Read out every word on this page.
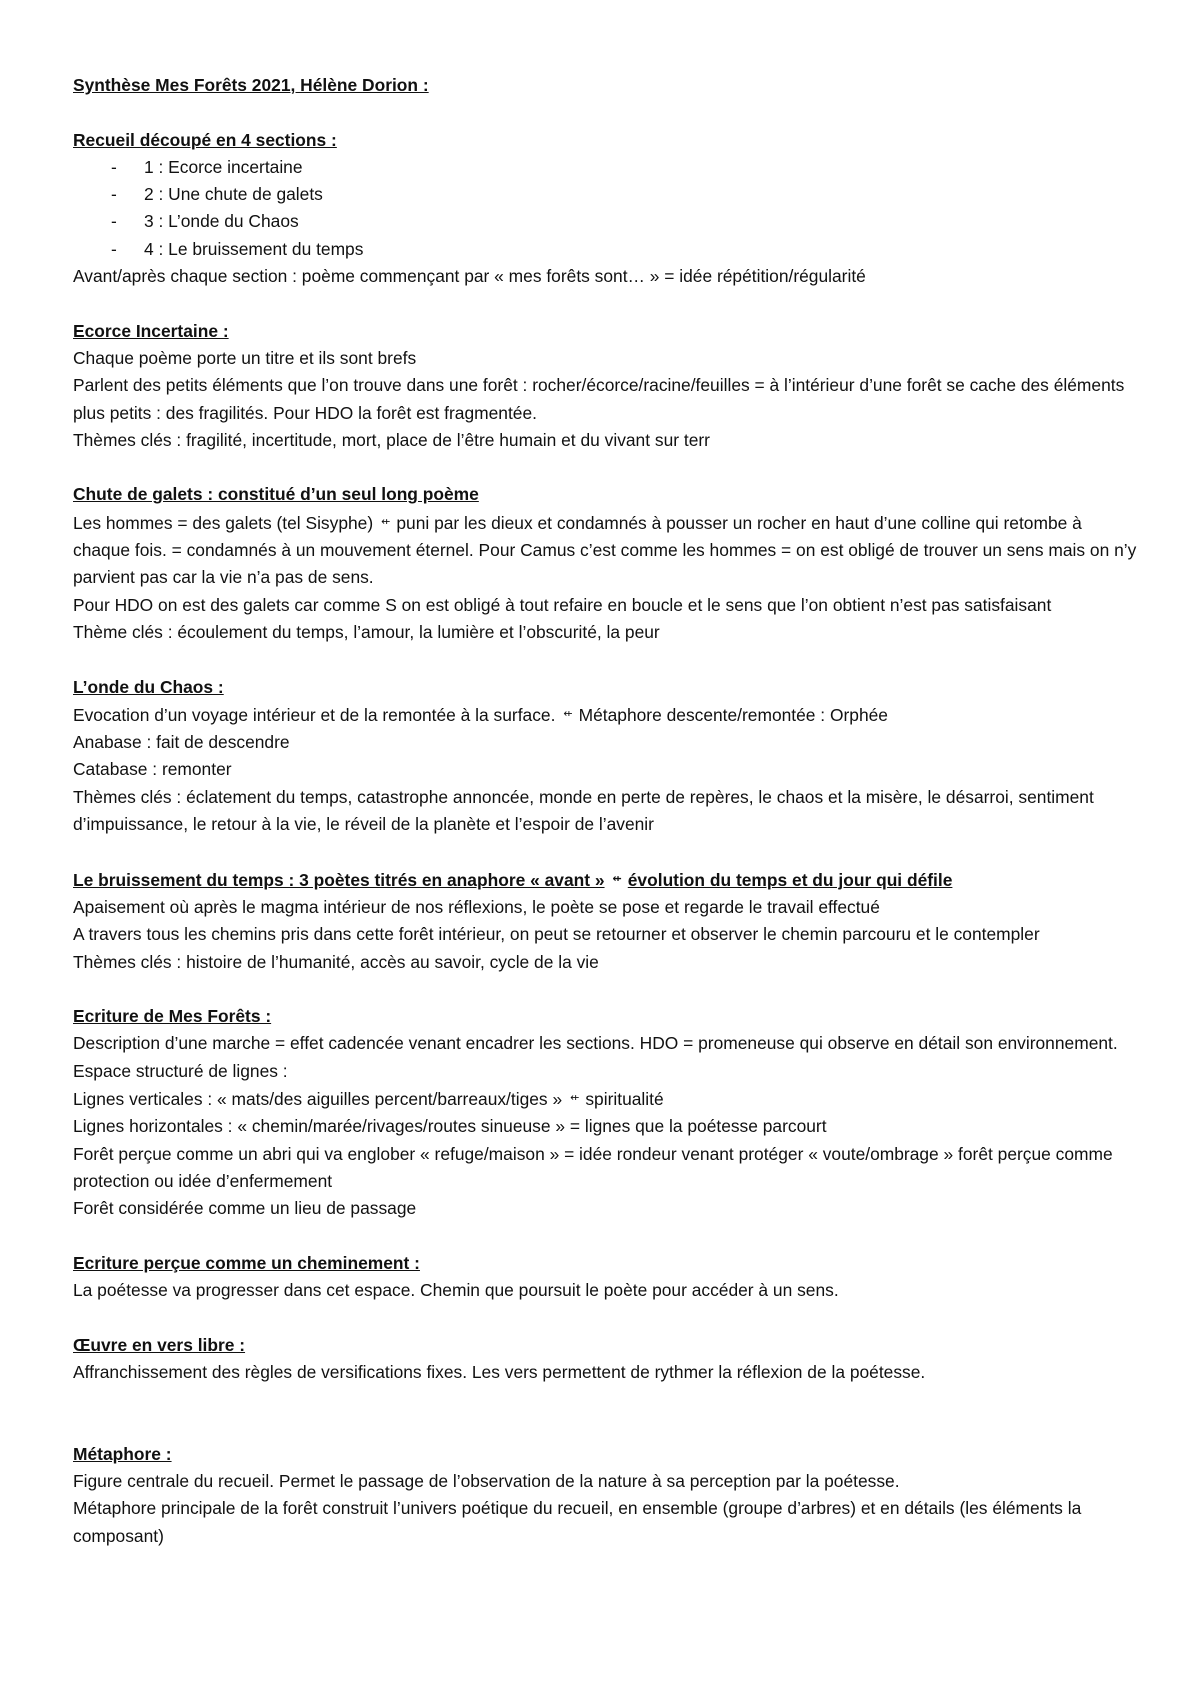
Synthèse Mes Forêts 2021, Hélène Dorion :
Recueil découpé en 4 sections :
- 1 : Ecorce incertaine
- 2 : Une chute de galets
- 3 : L’onde du Chaos
- 4 : Le bruissement du temps
Avant/après chaque section : poème commençant par « mes forêts sont… » = idée répétition/régularité
Ecorce Incertaine :
Chaque poème porte un titre et ils sont brefs
Parlent des petits éléments que l’on trouve dans une forêt : rocher/écorce/racine/feuilles = à l’intérieur d’une forêt se cache des éléments plus petits : des fragilités. Pour HDO la forêt est fragmentée.
Thèmes clés : fragilité, incertitude, mort, place de l’être humain et du vivant sur terr
Chute de galets : constitué d’un seul long poème
Les hommes = des galets (tel Sisyphe) ⇷ puni par les dieux et condamnés à pousser un rocher en haut d’une colline qui retombe à chaque fois. = condamnés à un mouvement éternel. Pour Camus c’est comme les hommes = on est obligé de trouver un sens mais on n’y parvient pas car la vie n’a pas de sens.
Pour HDO on est des galets car comme S on est obligé à tout refaire en boucle et le sens que l’on obtient n’est pas satisfaisant
Thème clés : écoulement du temps, l’amour, la lumière et l’obscurité, la peur
L’onde du Chaos :
Evocation d’un voyage intérieur et de la remontée à la surface. ⇷ Métaphore descente/remontée : Orphée
Anabase : fait de descendre
Catabase : remonter
Thèmes clés : éclatement du temps, catastrophe annoncée, monde en perte de repères, le chaos et la misère, le désarroi, sentiment d’impuissance, le retour à la vie, le réveil de la planète et l’espoir de l’avenir
Le bruissement du temps : 3 poètes titrés en anaphore « avant » ⇷ évolution du temps et du jour qui défile
Apaisement où après le magma intérieur de nos réflexions, le poète se pose et regarde le travail effectué
A travers tous les chemins pris dans cette forêt intérieur, on peut se retourner et observer le chemin parcouru et le contempler
Thèmes clés : histoire de l’humanité, accès au savoir, cycle de la vie
Ecriture de Mes Forêts :
Description d’une marche = effet cadencée venant encadrer les sections. HDO = promeneuse qui observe en détail son environnement. Espace structuré de lignes :
Lignes verticales : « mats/des aiguilles percent/barreaux/tiges » ⇷ spiritualité
Lignes horizontales : « chemin/marée/rivages/routes sinueuse » = lignes que la poétesse parcourt
Forêt perçue comme un abri qui va englober « refuge/maison » = idée rondeur venant protéger « voute/ombrage » forêt perçue comme protection ou idée d’enfermement
Forêt considérée comme un lieu de passage
Ecriture perçue comme un cheminement :
La poétesse va progresser dans cet espace. Chemin que poursuit le poète pour accéder à un sens.
Œuvre en vers libre :
Affranchissement des règles de versifications fixes. Les vers permettent de rythmer la réflexion de la poétesse.
Métaphore :
Figure centrale du recueil. Permet le passage de l’observation de la nature à sa perception par la poétesse.
Métaphore principale de la forêt construit l’univers poétique du recueil, en ensemble (groupe d’arbres) et en détails (les éléments la composant)
